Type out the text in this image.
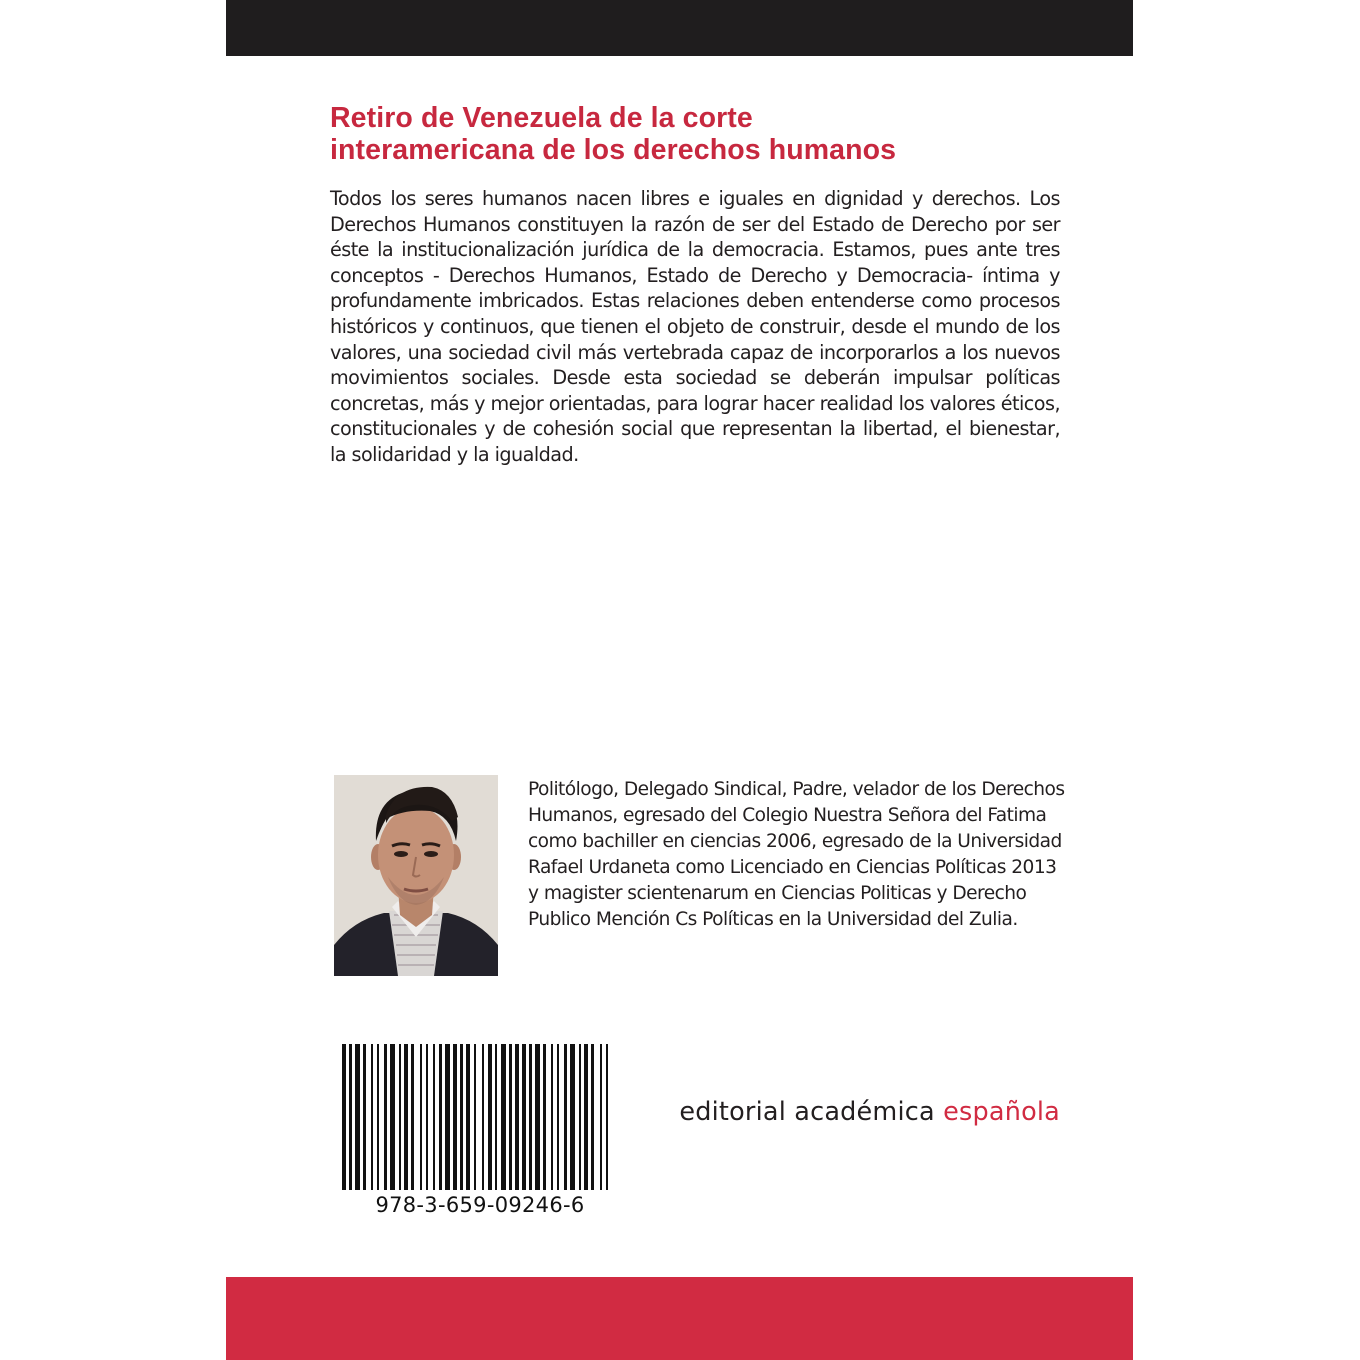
Retiro de Venezuela de la corte
interamericana de los derechos humanos

Todos los seres humanos nacen libres e iguales en dignidad y derechos. Los Derechos Humanos constituyen la razón de ser del Estado de Derecho por ser éste la institucionalización jurídica de la democracia. Estamos, pues ante tres conceptos - Derechos Humanos, Estado de Derecho y Democracia- íntima y profundamente imbricados. Estas relaciones deben entenderse como procesos históricos y continuos, que tienen el objeto de construir, desde el mundo de los valores, una sociedad civil más vertebrada capaz de incorporarlos a los nuevos movimientos sociales. Desde esta sociedad se deberán impulsar políticas concretas, más y mejor orientadas, para lograr hacer realidad los valores éticos, constitucionales y de cohesión social que representan la libertad, el bienestar, la solidaridad y la igualdad.

Politólogo, Delegado Sindical, Padre, velador de los Derechos Humanos, egresado del Colegio Nuestra Señora del Fatima como bachiller en ciencias 2006, egresado de la Universidad Rafael Urdaneta como Licenciado en Ciencias Políticas 2013 y magister scientenarum en Ciencias Politicas y Derecho Publico Mención Cs Políticas en la Universidad del Zulia.

978-3-659-09246-6

editorial académica española
